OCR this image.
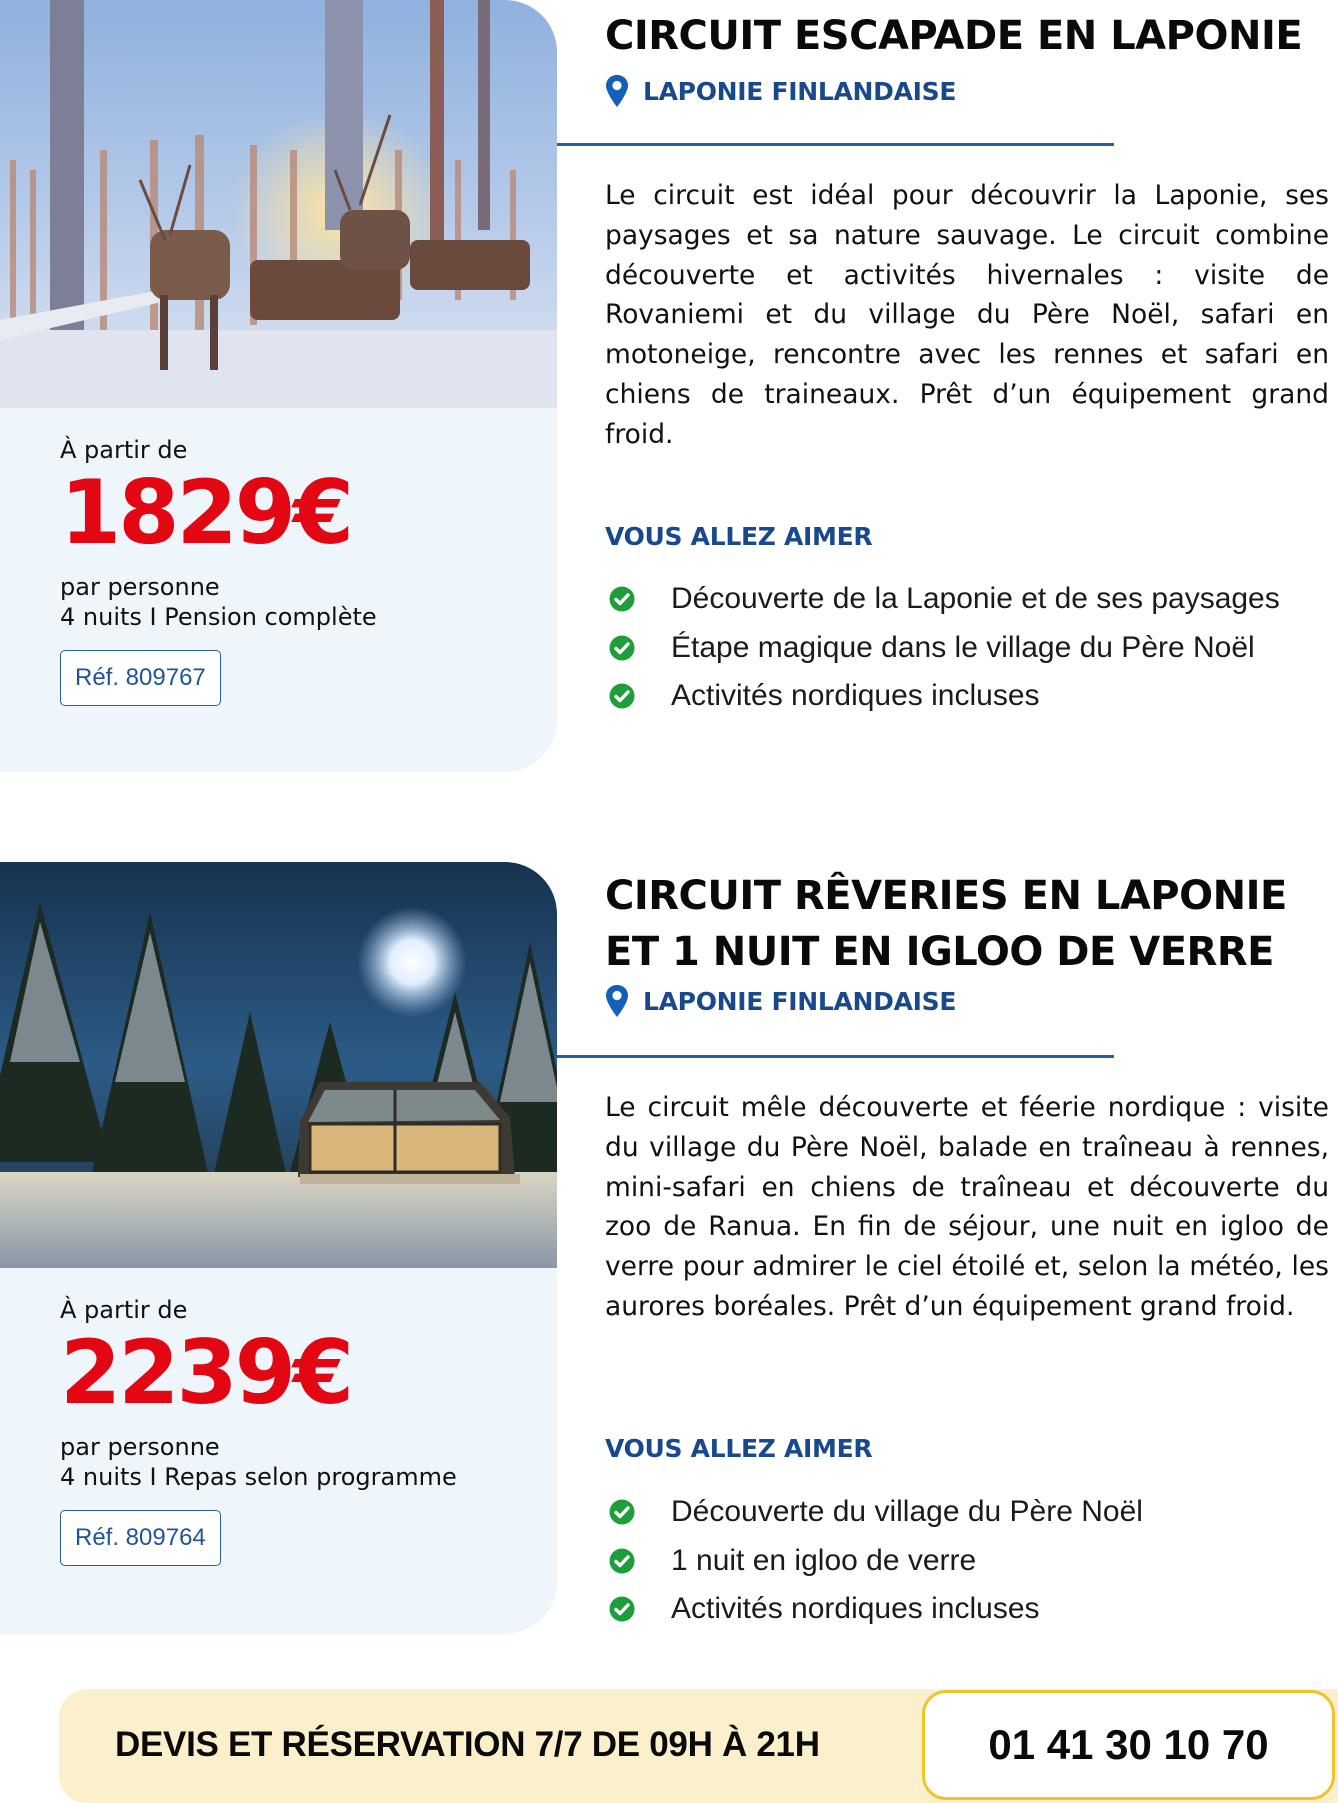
À partir de
1829€
par personne
4 nuits I Pension complète
Réf. 809767
CIRCUIT ESCAPADE EN LAPONIE
LAPONIE FINLANDAISE
Le circuit est idéal pour découvrir la Laponie, ses paysages et sa nature sauvage. Le circuit combine découverte et activités hivernales : visite de Rovaniemi et du village du Père Noël, safari en motoneige, rencontre avec les rennes et safari en chiens de traineaux. Prêt d’un équipement grand froid.
VOUS ALLEZ AIMER
Découverte de la Laponie et de ses paysages
Étape magique dans le village du Père Noël
Activités nordiques incluses
À partir de
2239€
par personne
4 nuits I Repas selon programme
Réf. 809764
CIRCUIT RÊVERIES EN LAPONIE
ET 1 NUIT EN IGLOO DE VERRE
LAPONIE FINLANDAISE
Le circuit mêle découverte et féerie nordique : visite du village du Père Noël, balade en traîneau à rennes, mini-safari en chiens de traîneau et découverte du zoo de Ranua. En fin de séjour, une nuit en igloo de verre pour admirer le ciel étoilé et, selon la météo, les aurores boréales. Prêt d’un équipement grand froid.
VOUS ALLEZ AIMER
Découverte du village du Père Noël
1 nuit en igloo de verre
Activités nordiques incluses
DEVIS ET RÉSERVATION 7/7 DE 09H À 21H	01 41 30 10 70
